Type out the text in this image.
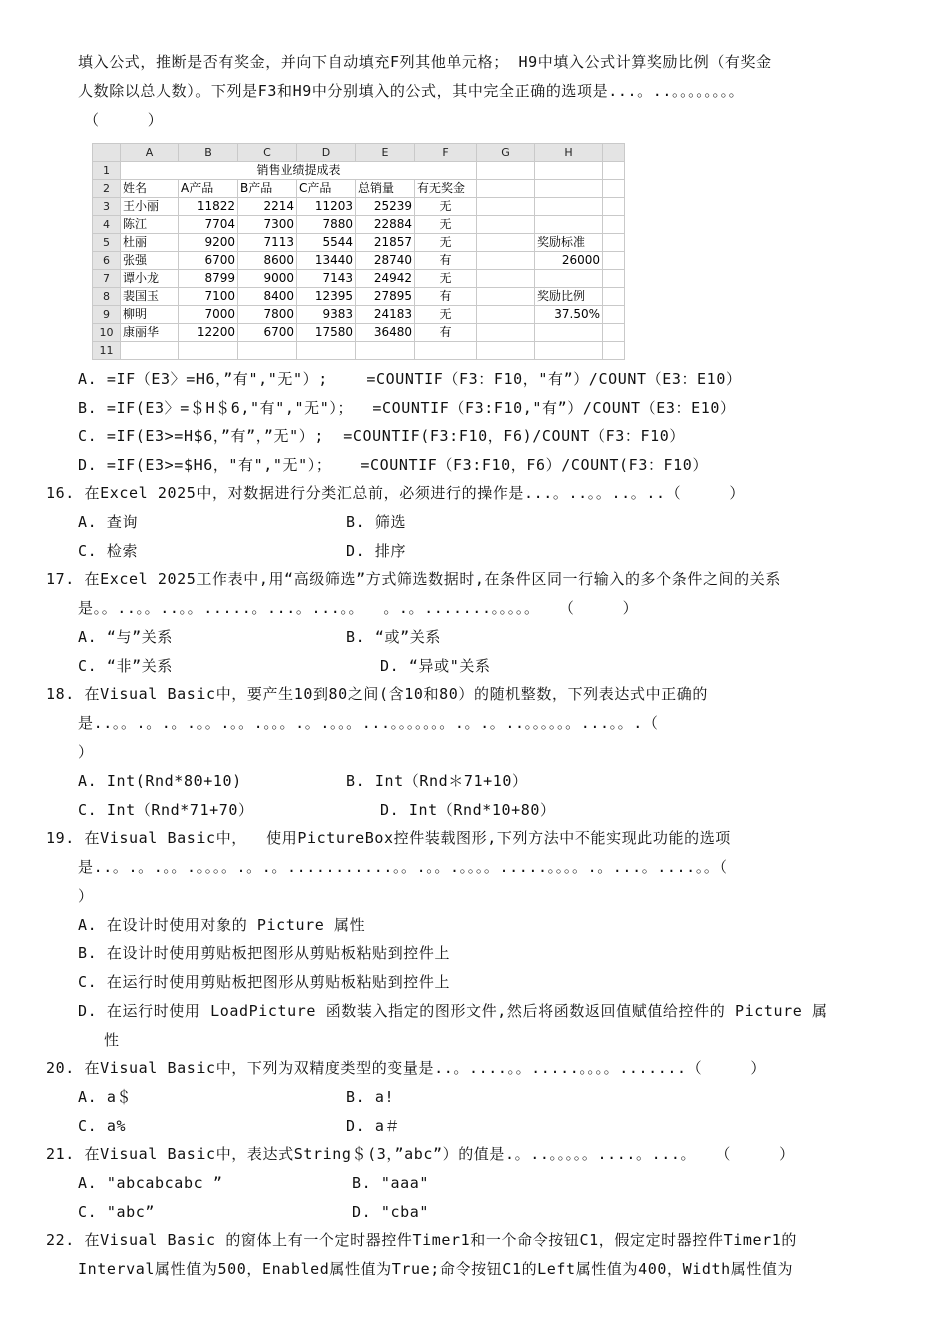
填入公式，推断是否有奖金，并向下自动填充F列其他单元格； H9中填入公式计算奖励比例（有奖金
人数除以总人数）。下列是F3和H9中分别填入的公式，其中完全正确的选项是...。..。。。。。。。。
（     ）
	A	B	C	D	E	F	G	H	
1	销售业绩提成表								
2	姓名	A产品	B产品	C产品	总销量	有无奖金			
3	王小丽	11822	2214	11203	25239	无			
4	陈江	7704	7300	7880	22884	无			
5	杜丽	9200	7113	5544	21857	无		奖励标准	
6	张强	6700	8600	13440	28740	有		26000	
7	谭小龙	8799	9000	7143	24942	无			
8	裴国玉	7100	8400	12395	27895	有		奖励比例	
9	柳明	7000	7800	9383	24183	无		37.50%	
10	康丽华	12200	6700	17580	36480	有			
11									
A. =IF（E3〉=H6，”有","无"）;    =COUNTIF（F3：F10，"有”）/COUNT（E3：E10）
B. =IF(E3〉=＄H＄6,"有","无"）；  =COUNTIF（F3:F10,"有”）/COUNT（E3：E10）
C. =IF(E3>=H$6，”有”，”无"）;  =COUNTIF(F3:F10，F6)/COUNT（F3：F10）
D. =IF(E3>=$H6，"有","无"）；   =COUNTIF（F3:F10，F6）/COUNT(F3：F10）
16. 在Excel 2025中，对数据进行分类汇总前，必须进行的操作是...。..。。..。..（     ）
A. 查询	B. 筛选
C. 检索	D. 排序
17. 在Excel 2025工作表中,用“高级筛选”方式筛选数据时,在条件区同一行输入的多个条件之间的关系
是。。..。。..。。.....。...。...。。  。.。.......。。。。。  （     ）
A. “与”关系	B. “或”关系
C. “非”关系	D. “异或"关系
18. 在Visual Basic中，要产生10到80之间(含10和80）的随机整数，下列表达式中正确的
是..。。.。.。.。。.。。.。。。.。.。。。...。。。。。。。.。.。..。。。。。。...。。.（
）
A. Int(Rnd*80+10)	B. Int（Rnd＊71+10）
C. Int（Rnd*71+70）	D. Int（Rnd*10+80）
19. 在Visual Basic中，  使用PictureBox控件装载图形,下列方法中不能实现此功能的选项
是..。.。.。。.。。。。.。.。...........。。.。。.。。。。.....。。。。.。...。....。。（
）
A. 在设计时使用对象的 Picture 属性
B. 在设计时使用剪贴板把图形从剪贴板粘贴到控件上
C. 在运行时使用剪贴板把图形从剪贴板粘贴到控件上
D. 在运行时使用 LoadPicture 函数装入指定的图形文件,然后将函数返回值赋值给控件的 Picture 属
性
20. 在Visual Basic中，下列为双精度类型的变量是..。....。。.....。。。。.......（     ）
A. a＄	B. a!
C. a%	D. a＃
21. 在Visual Basic中，表达式String＄(3，”abc”）的值是.。..。。。。。....。...。  （     ）
A. "abcabcabc ”	B. "aaa"
C. "abc”	D. "cba"
22. 在Visual Basic 的窗体上有一个定时器控件Timer1和一个命令按钮C1，假定定时器控件Timer1的
Interval属性值为500，Enabled属性值为True;命令按钮C1的Left属性值为400，Width属性值为
